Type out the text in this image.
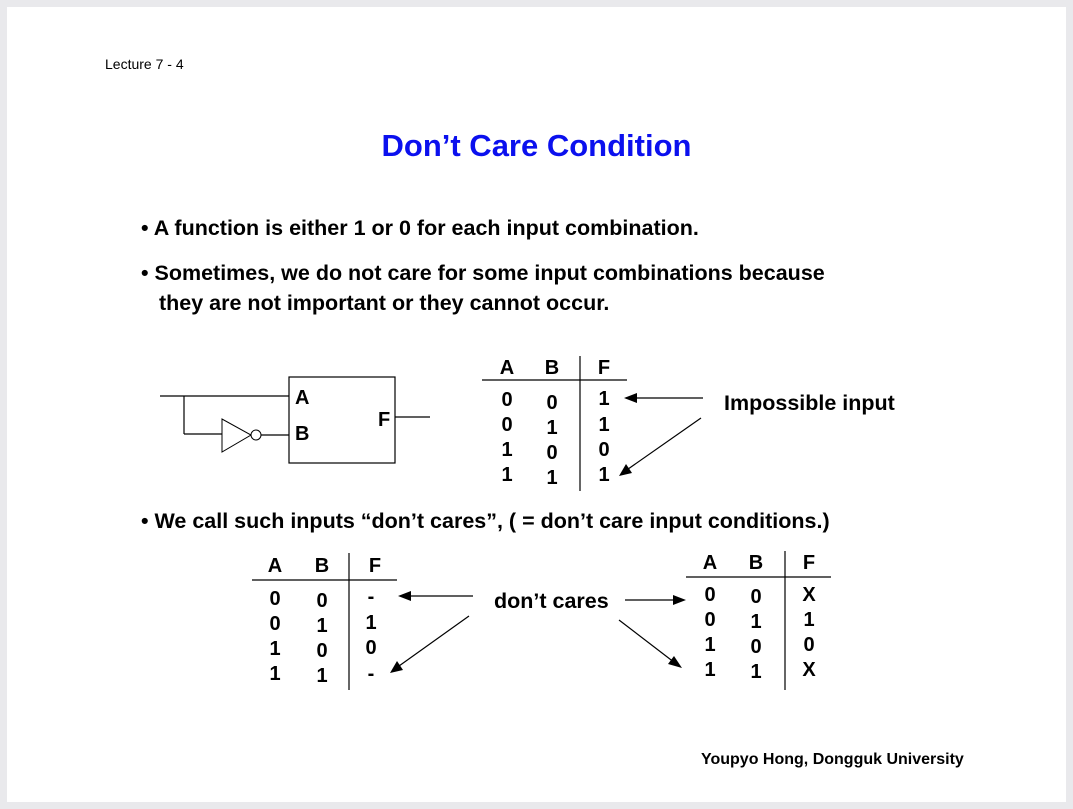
Lecture 7 - 4
Don’t Care Condition
• A function is either 1 or 0 for each input combination.
• Sometimes, we do not care for some input combinations because
they are not important or they cannot occur.
• We call such inputs “don’t cares”, ( = don’t care input conditions.)
A
B
F
A B F
0	0	1
0	1	1
1	0	0
1	1	1
Impossible input
A B F
0	0	-
0	1	1
1	0	0
1	1	-
don’t cares
A B F
0	0	X
0	1	1
1	0	0
1	1	X
Youpyo Hong, Dongguk University
